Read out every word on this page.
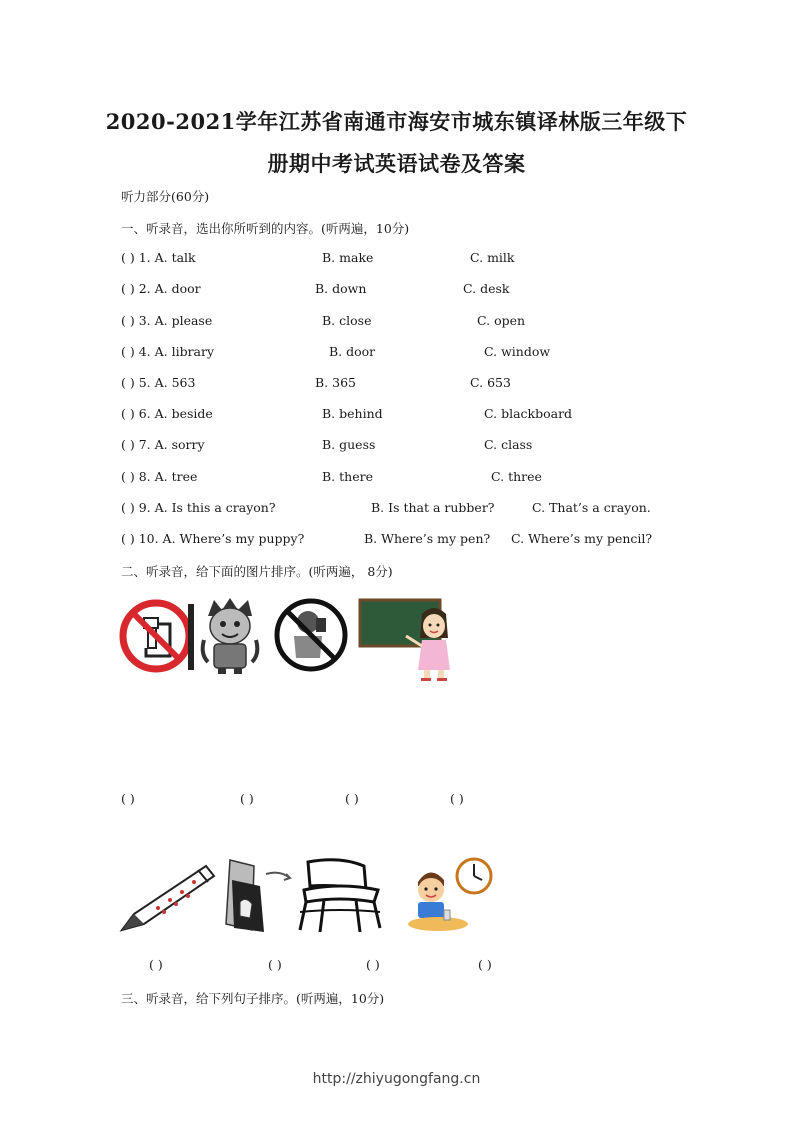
2020-2021学年江苏省南通市海安市城东镇译林版三年级下
册期中考试英语试卷及答案
听力部分(60分)
一、听录音，选出你所听到的内容。(听两遍，10分)
( ) 1. A. talk	B. make	C. milk
( ) 2. A. door	B. down	C. desk
( ) 3. A. please	B. close	C. open
( ) 4. A. library	B. door	C. window
( ) 5. A. 563	B. 365	C. 653
( ) 6. A. beside	B. behind	C. blackboard
( ) 7. A. sorry	B. guess	C. class
( ) 8. A. tree	B. there	C. three
( ) 9. A. Is this a crayon?	B. Is that a rubber?	C. That’s a crayon.
( ) 10. A. Where’s my puppy?	B. Where’s my pen? C. Where’s my pencil?
二、听录音，给下面的图片排序。(听两遍， 8分)
( )	( )	( )	( )
( )	( )	( )	( )
三、听录音，给下列句子排序。(听两遍，10分)
http://zhiyugongfang.cn
